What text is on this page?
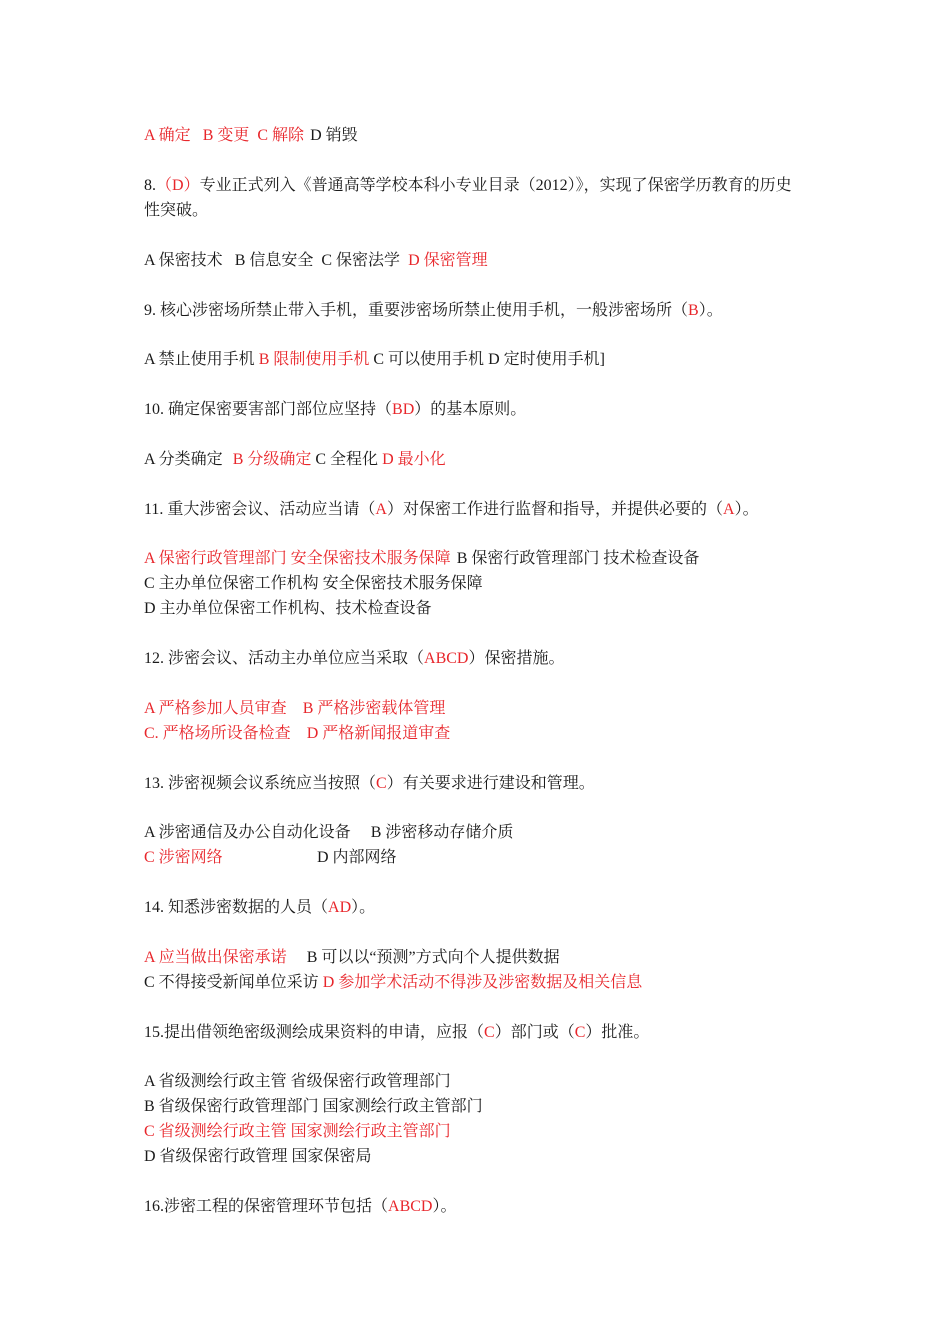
A 确定 B 变更 C 解除 D 销毁
8.（D）专业正式列入《普通高等学校本科小专业目录（2012）》，实现了保密学历教育的历史
性突破。
A 保密技术 B 信息安全 C 保密法学 D 保密管理
9. 核心涉密场所禁止带入手机，重要涉密场所禁止使用手机，一般涉密场所（B）。
A 禁止使用手机 B 限制使用手机 C 可以使用手机 D 定时使用手机]
10. 确定保密要害部门部位应坚持（BD）的基本原则。
A 分类确定 B 分级确定 C 全程化 D 最小化
11. 重大涉密会议、活动应当请（A）对保密工作进行监督和指导，并提供必要的（A）。
A 保密行政管理部门 安全保密技术服务保障 B 保密行政管理部门 技术检查设备
C 主办单位保密工作机构 安全保密技术服务保障
D 主办单位保密工作机构、技术检查设备
12. 涉密会议、活动主办单位应当采取（ABCD）保密措施。
A 严格参加人员审查 B 严格涉密载体管理
C. 严格场所设备检查 D 严格新闻报道审查
13. 涉密视频会议系统应当按照（C）有关要求进行建设和管理。
A 涉密通信及办公自动化设备 B 涉密移动存储介质
C 涉密网络	D 内部网络
14. 知悉涉密数据的人员（AD）。
A 应当做出保密承诺 B 可以以“预测”方式向个人提供数据
C 不得接受新闻单位采访 D 参加学术活动不得涉及涉密数据及相关信息
15.提出借领绝密级测绘成果资料的申请，应报（C）部门或（C）批准。
A 省级测绘行政主管 省级保密行政管理部门
B 省级保密行政管理部门 国家测绘行政主管部门
C 省级测绘行政主管 国家测绘行政主管部门
D 省级保密行政管理 国家保密局
16.涉密工程的保密管理环节包括（ABCD）。
